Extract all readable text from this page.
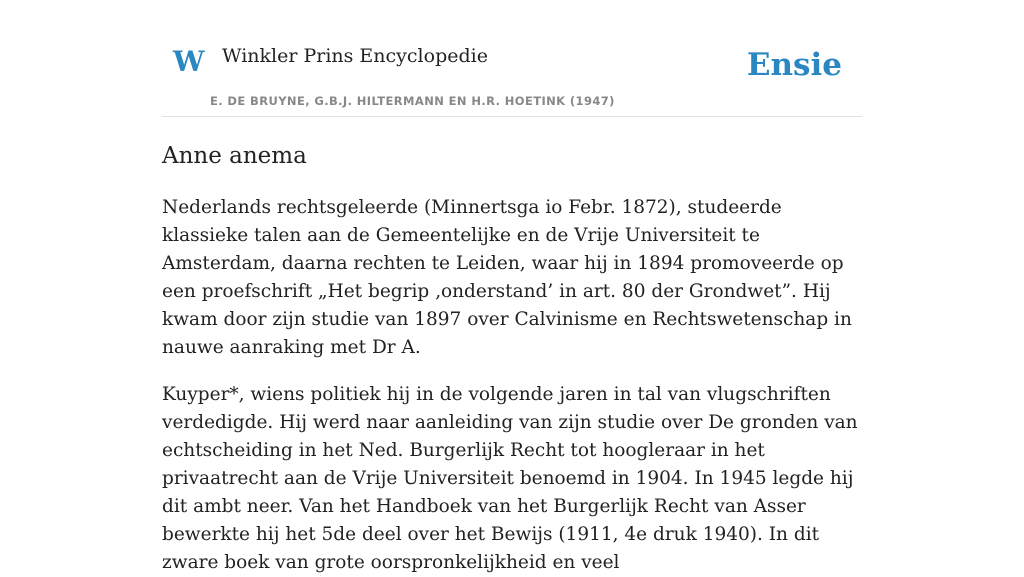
W Winkler Prins Encyclopedie
E. DE BRUYNE, G.B.J. HILTERMANN EN H.R. HOETINK (1947)
Ensie
Anne anema

Nederlands rechtsgeleerde (Minnertsga io Febr. 1872), studeerde klassieke talen aan de Gemeentelijke en de Vrije Universiteit te Amsterdam, daarna rechten te Leiden, waar hij in 1894 promoveerde op een proefschrift „Het begrip ‚onderstand’ in art. 80 der Grondwet”. Hij kwam door zijn studie van 1897 over Calvinisme en Rechtswetenschap in nauwe aanraking met Dr A.

Kuyper*, wiens politiek hij in de volgende jaren in tal van vlugschriften verdedigde. Hij werd naar aanleiding van zijn studie over De gronden van echtscheiding in het Ned. Burgerlijk Recht tot hoogleraar in het privaatrecht aan de Vrije Universiteit benoemd in 1904. In 1945 legde hij dit ambt neer. Van het Handboek van het Burgerlijk Recht van Asser bewerkte hij het 5de deel over het Bewijs (1911, 4e druk 1940). In dit zware boek van grote oorspronkelijkheid en veel
